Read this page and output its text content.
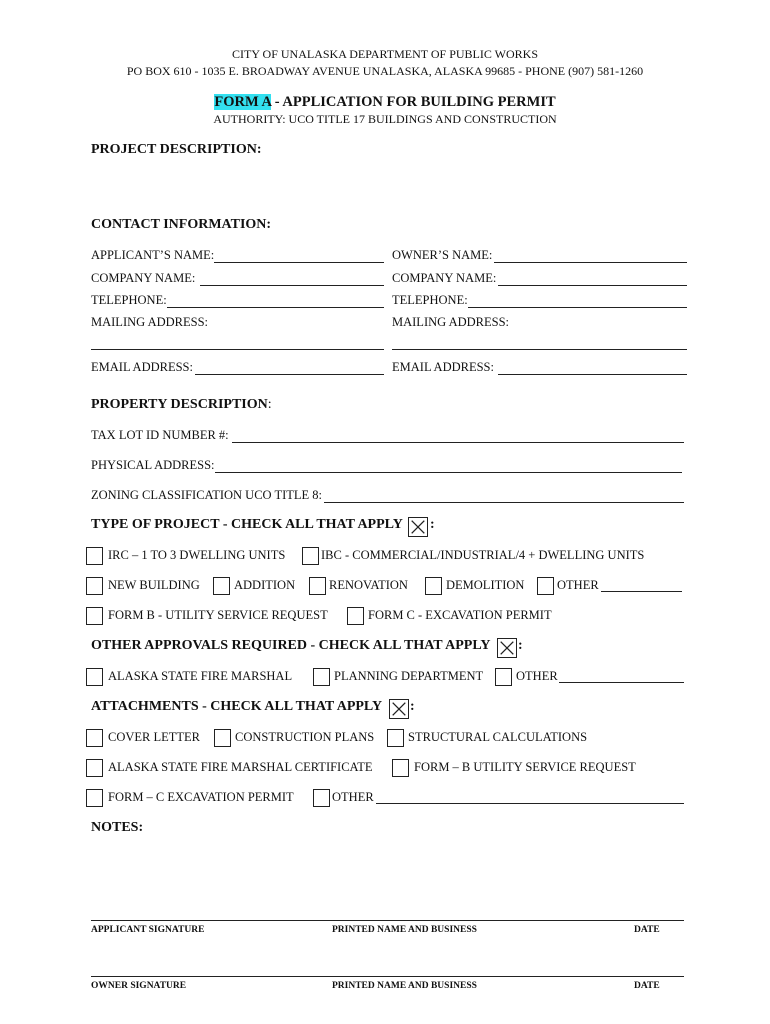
CITY OF UNALASKA DEPARTMENT OF PUBLIC WORKS
PO BOX 610 - 1035 E. BROADWAY AVENUE UNALASKA, ALASKA 99685 - PHONE (907) 581-1260
FORM A - APPLICATION FOR BUILDING PERMIT
AUTHORITY: UCO TITLE 17 BUILDINGS AND CONSTRUCTION
PROJECT DESCRIPTION:
CONTACT INFORMATION:
APPLICANT’S NAME:	OWNER’S NAME:
COMPANY NAME:	COMPANY NAME:
TELEPHONE:	TELEPHONE:
MAILING ADDRESS:	MAILING ADDRESS:
EMAIL ADDRESS:	EMAIL ADDRESS:
PROPERTY DESCRIPTION:
TAX LOT ID NUMBER #:
PHYSICAL ADDRESS:
ZONING CLASSIFICATION UCO TITLE 8:
TYPE OF PROJECT - CHECK ALL THAT APPLY :
IRC – 1 TO 3 DWELLING UNITS	IBC - COMMERCIAL/INDUSTRIAL/4 + DWELLING UNITS
NEW BUILDING	ADDITION	RENOVATION	DEMOLITION	OTHER
FORM B - UTILITY SERVICE REQUEST	FORM C - EXCAVATION PERMIT
OTHER APPROVALS REQUIRED - CHECK ALL THAT APPLY :
ALASKA STATE FIRE MARSHAL	PLANNING DEPARTMENT	OTHER
ATTACHMENTS - CHECK ALL THAT APPLY :
COVER LETTER	CONSTRUCTION PLANS	STRUCTURAL CALCULATIONS
ALASKA STATE FIRE MARSHAL CERTIFICATE	FORM – B UTILITY SERVICE REQUEST
FORM – C EXCAVATION PERMIT	OTHER
NOTES:
APPLICANT SIGNATURE	PRINTED NAME AND BUSINESS	DATE
OWNER SIGNATURE	PRINTED NAME AND BUSINESS	DATE
